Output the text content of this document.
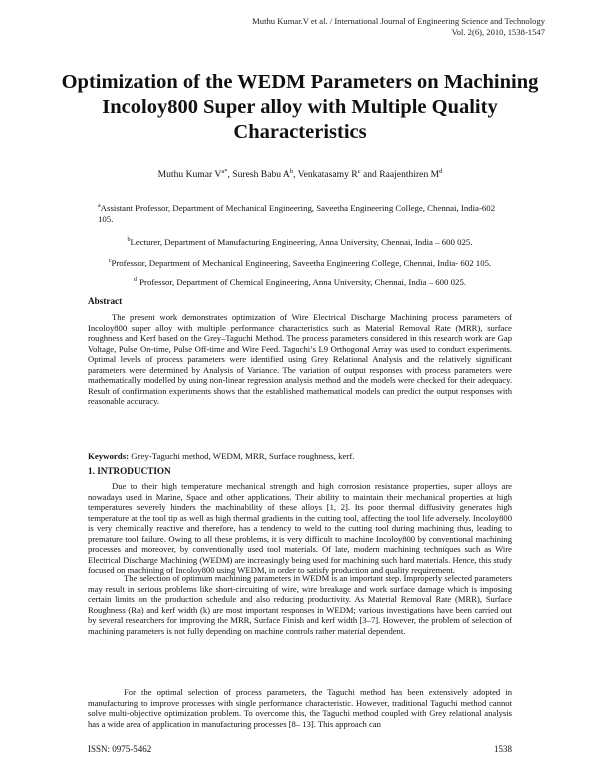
Muthu Kumar.V et al. / International Journal of Engineering Science and Technology
Vol. 2(6), 2010, 1538-1547
Optimization of the WEDM Parameters on Machining Incoloy800 Super alloy with Multiple Quality Characteristics
Muthu Kumar $V^{a*}$, Suresh Babu $A^b$, Venkatasamy $R^c$ and Raajenthiren $M^d$
$^a$Assistant Professor, Department of Mechanical Engineering, Saveetha Engineering College, Chennai, India-602 105.
$^b$Lecturer, Department of Manufacturing Engineering, Anna University, Chennai, India – 600 025.
$^c$Professor, Department of Mechanical Engineering, Saveetha Engineering College, Chennai, India- 602 105.
$^d$ Professor, Department of Chemical Engineering, Anna University, Chennai, India – 600 025.
Abstract
The present work demonstrates optimization of Wire Electrical Discharge Machining process parameters of Incoloy800 super alloy with multiple performance characteristics such as Material Removal Rate (MRR), surface roughness and Kerf based on the Grey–Taguchi Method. The process parameters considered in this research work are Gap Voltage, Pulse On-time, Pulse Off-time and Wire Feed. Taguchi’s L9 Orthogonal Array was used to conduct experiments. Optimal levels of process parameters were identified using Grey Relational Analysis and the relatively significant parameters were determined by Analysis of Variance. The variation of output responses with process parameters were mathematically modelled by using non-linear regression analysis method and the models were checked for their adequacy. Result of confirmation experiments shows that the established mathematical models can predict the output responses with reasonable accuracy.
Keywords: Grey-Taguchi method, WEDM, MRR, Surface roughness, kerf.
1. INTRODUCTION
Due to their high temperature mechanical strength and high corrosion resistance properties, super alloys are nowadays used in Marine, Space and other applications. Their ability to maintain their mechanical properties at high temperatures severely hinders the machinability of these alloys [1, 2]. Its poor thermal diffusivity generates high temperature at the tool tip as well as high thermal gradients in the cutting tool, affecting the tool life adversely. Incoloy800 is very chemically reactive and therefore, has a tendency to weld to the cutting tool during machining thus, leading to premature tool failure. Owing to all these problems, it is very difficult to machine Incoloy800 by conventional machining processes and moreover, by conventionally used tool materials. Of late, modern machining techniques such as Wire Electrical Discharge Machining (WEDM) are increasingly being used for machining such hard materials. Hence, this study focused on machining of Incoloy800 using WEDM, in order to satisfy production and quality requirement.
The selection of optimum machining parameters in WEDM is an important step. Improperly selected parameters may result in serious problems like short-circuiting of wire, wire breakage and work surface damage which is imposing certain limits on the production schedule and also reducing productivity. As Material Removal Rate (MRR), Surface Roughness (Ra) and kerf width (k) are most important responses in WEDM; various investigations have been carried out by several researchers for improving the MRR, Surface Finish and kerf width [3–7]. However, the problem of selection of machining parameters is not fully depending on machine controls rather material dependent.
For the optimal selection of process parameters, the Taguchi method has been extensively adopted in manufacturing to improve processes with single performance characteristic. However, traditional Taguchi method cannot solve multi-objective optimization problem. To overcome this, the Taguchi method coupled with Grey relational analysis has a wide area of application in manufacturing processes [8– 13]. This approach can
ISSN: 0975-5462	1538
